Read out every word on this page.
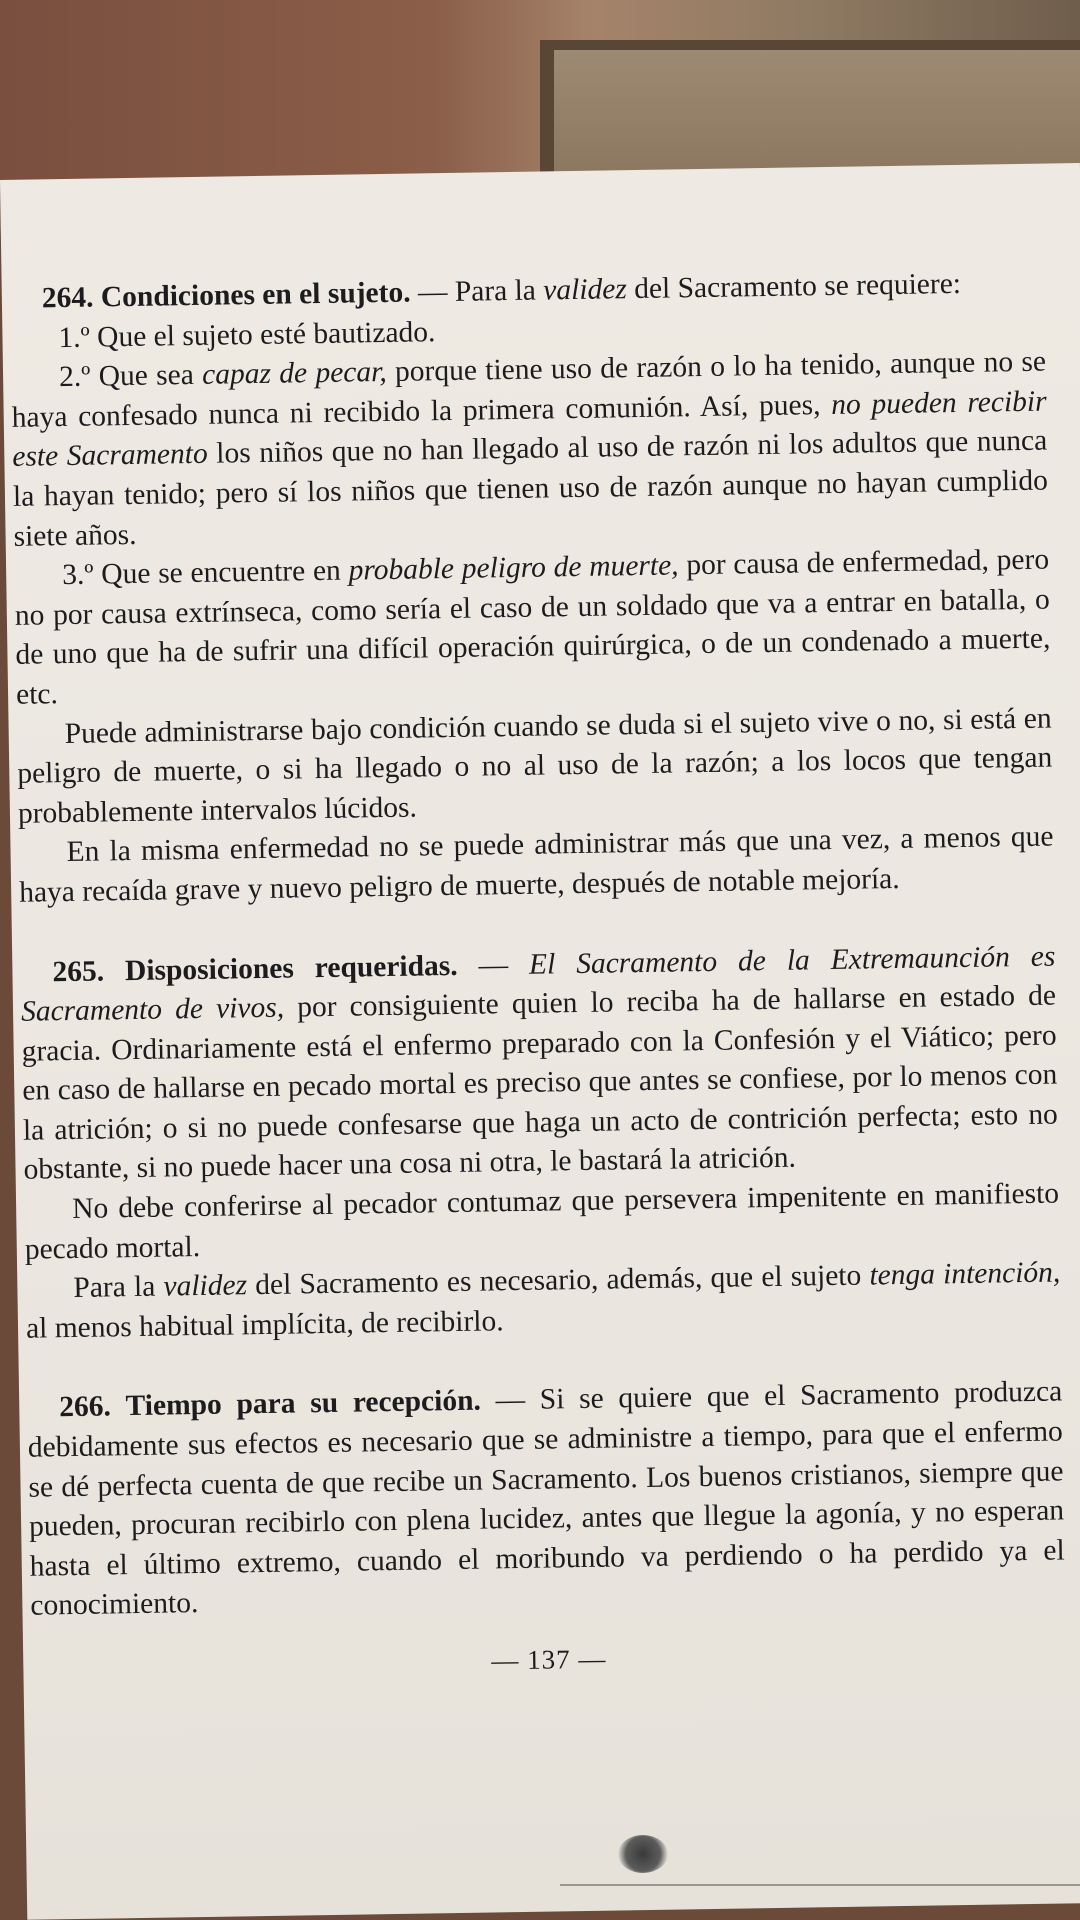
264. Condiciones en el sujeto. — Para la validez del Sacramento se requiere:

1.º Que el sujeto esté bautizado.

2.º Que sea capaz de pecar, porque tiene uso de razón o lo ha tenido, aunque no se haya confesado nunca ni recibido la primera comunión. Así, pues, no pueden recibir este Sacramento los niños que no han llegado al uso de razón ni los adultos que nunca la hayan tenido; pero sí los niños que tienen uso de razón aunque no hayan cumplido siete años.

3.º Que se encuentre en probable peligro de muerte, por causa de enfermedad, pero no por causa extrínseca, como sería el caso de un soldado que va a entrar en batalla, o de uno que ha de sufrir una difícil operación quirúrgica, o de un condenado a muerte, etc.

Puede administrarse bajo condición cuando se duda si el sujeto vive o no, si está en peligro de muerte, o si ha llegado o no al uso de la razón; a los locos que tengan probablemente intervalos lúcidos.

En la misma enfermedad no se puede administrar más que una vez, a menos que haya recaída grave y nuevo peligro de muerte, después de notable mejoría.

265. Disposiciones requeridas. — El Sacramento de la Extremaunción es Sacramento de vivos, por consiguiente quien lo reciba ha de hallarse en estado de gracia. Ordinariamente está el enfermo preparado con la Confesión y el Viático; pero en caso de hallarse en pecado mortal es preciso que antes se confiese, por lo menos con la atrición; o si no puede confesarse que haga un acto de contrición perfecta; esto no obstante, si no puede hacer una cosa ni otra, le bastará la atrición.

No debe conferirse al pecador contumaz que persevera impenitente en manifiesto pecado mortal.

Para la validez del Sacramento es necesario, además, que el sujeto tenga intención, al menos habitual implícita, de recibirlo.

266. Tiempo para su recepción. — Si se quiere que el Sacramento produzca debidamente sus efectos es necesario que se administre a tiempo, para que el enfermo se dé perfecta cuenta de que recibe un Sacramento. Los buenos cristianos, siempre que pueden, procuran recibirlo con plena lucidez, antes que llegue la agonía, y no esperan hasta el último extremo, cuando el moribundo va perdiendo o ha perdido ya el conocimiento.

— 137 —
